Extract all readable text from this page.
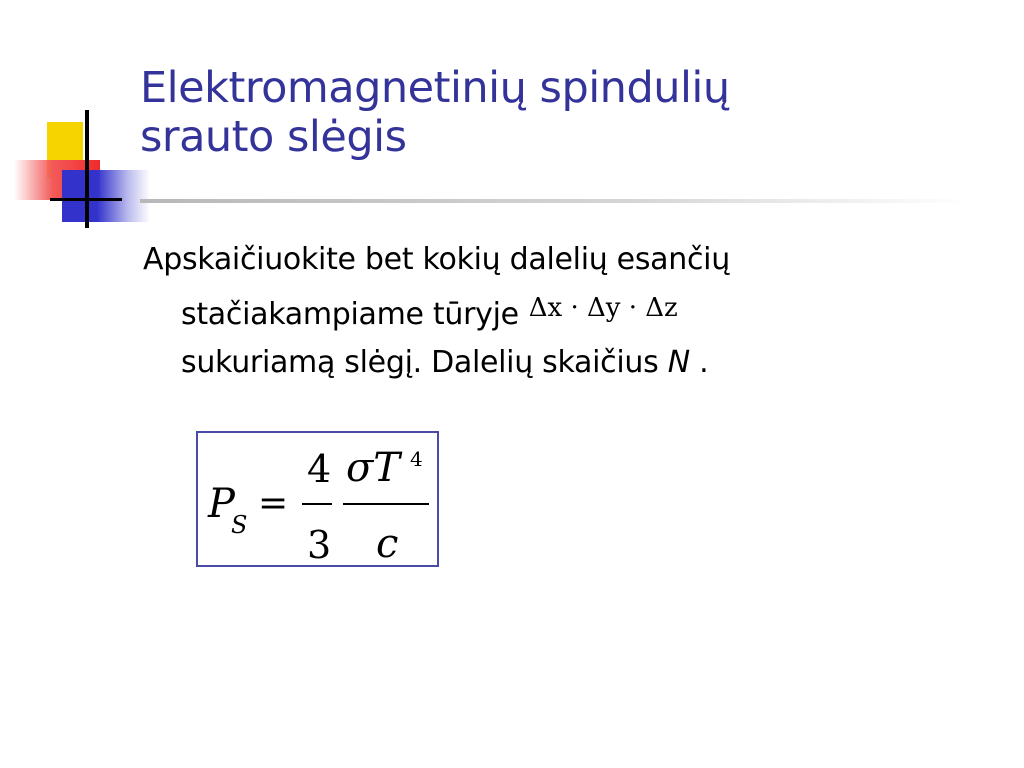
Elektromagnetinių spindulių
srauto slėgis
Apskaičiuokite bet kokių dalelių esančių
stačiakampiame tūryje Δx · Δy · Δz
sukuriamą slėgį. Dalelių skaičius N .
P
S
=
4
3
σT 4
c
